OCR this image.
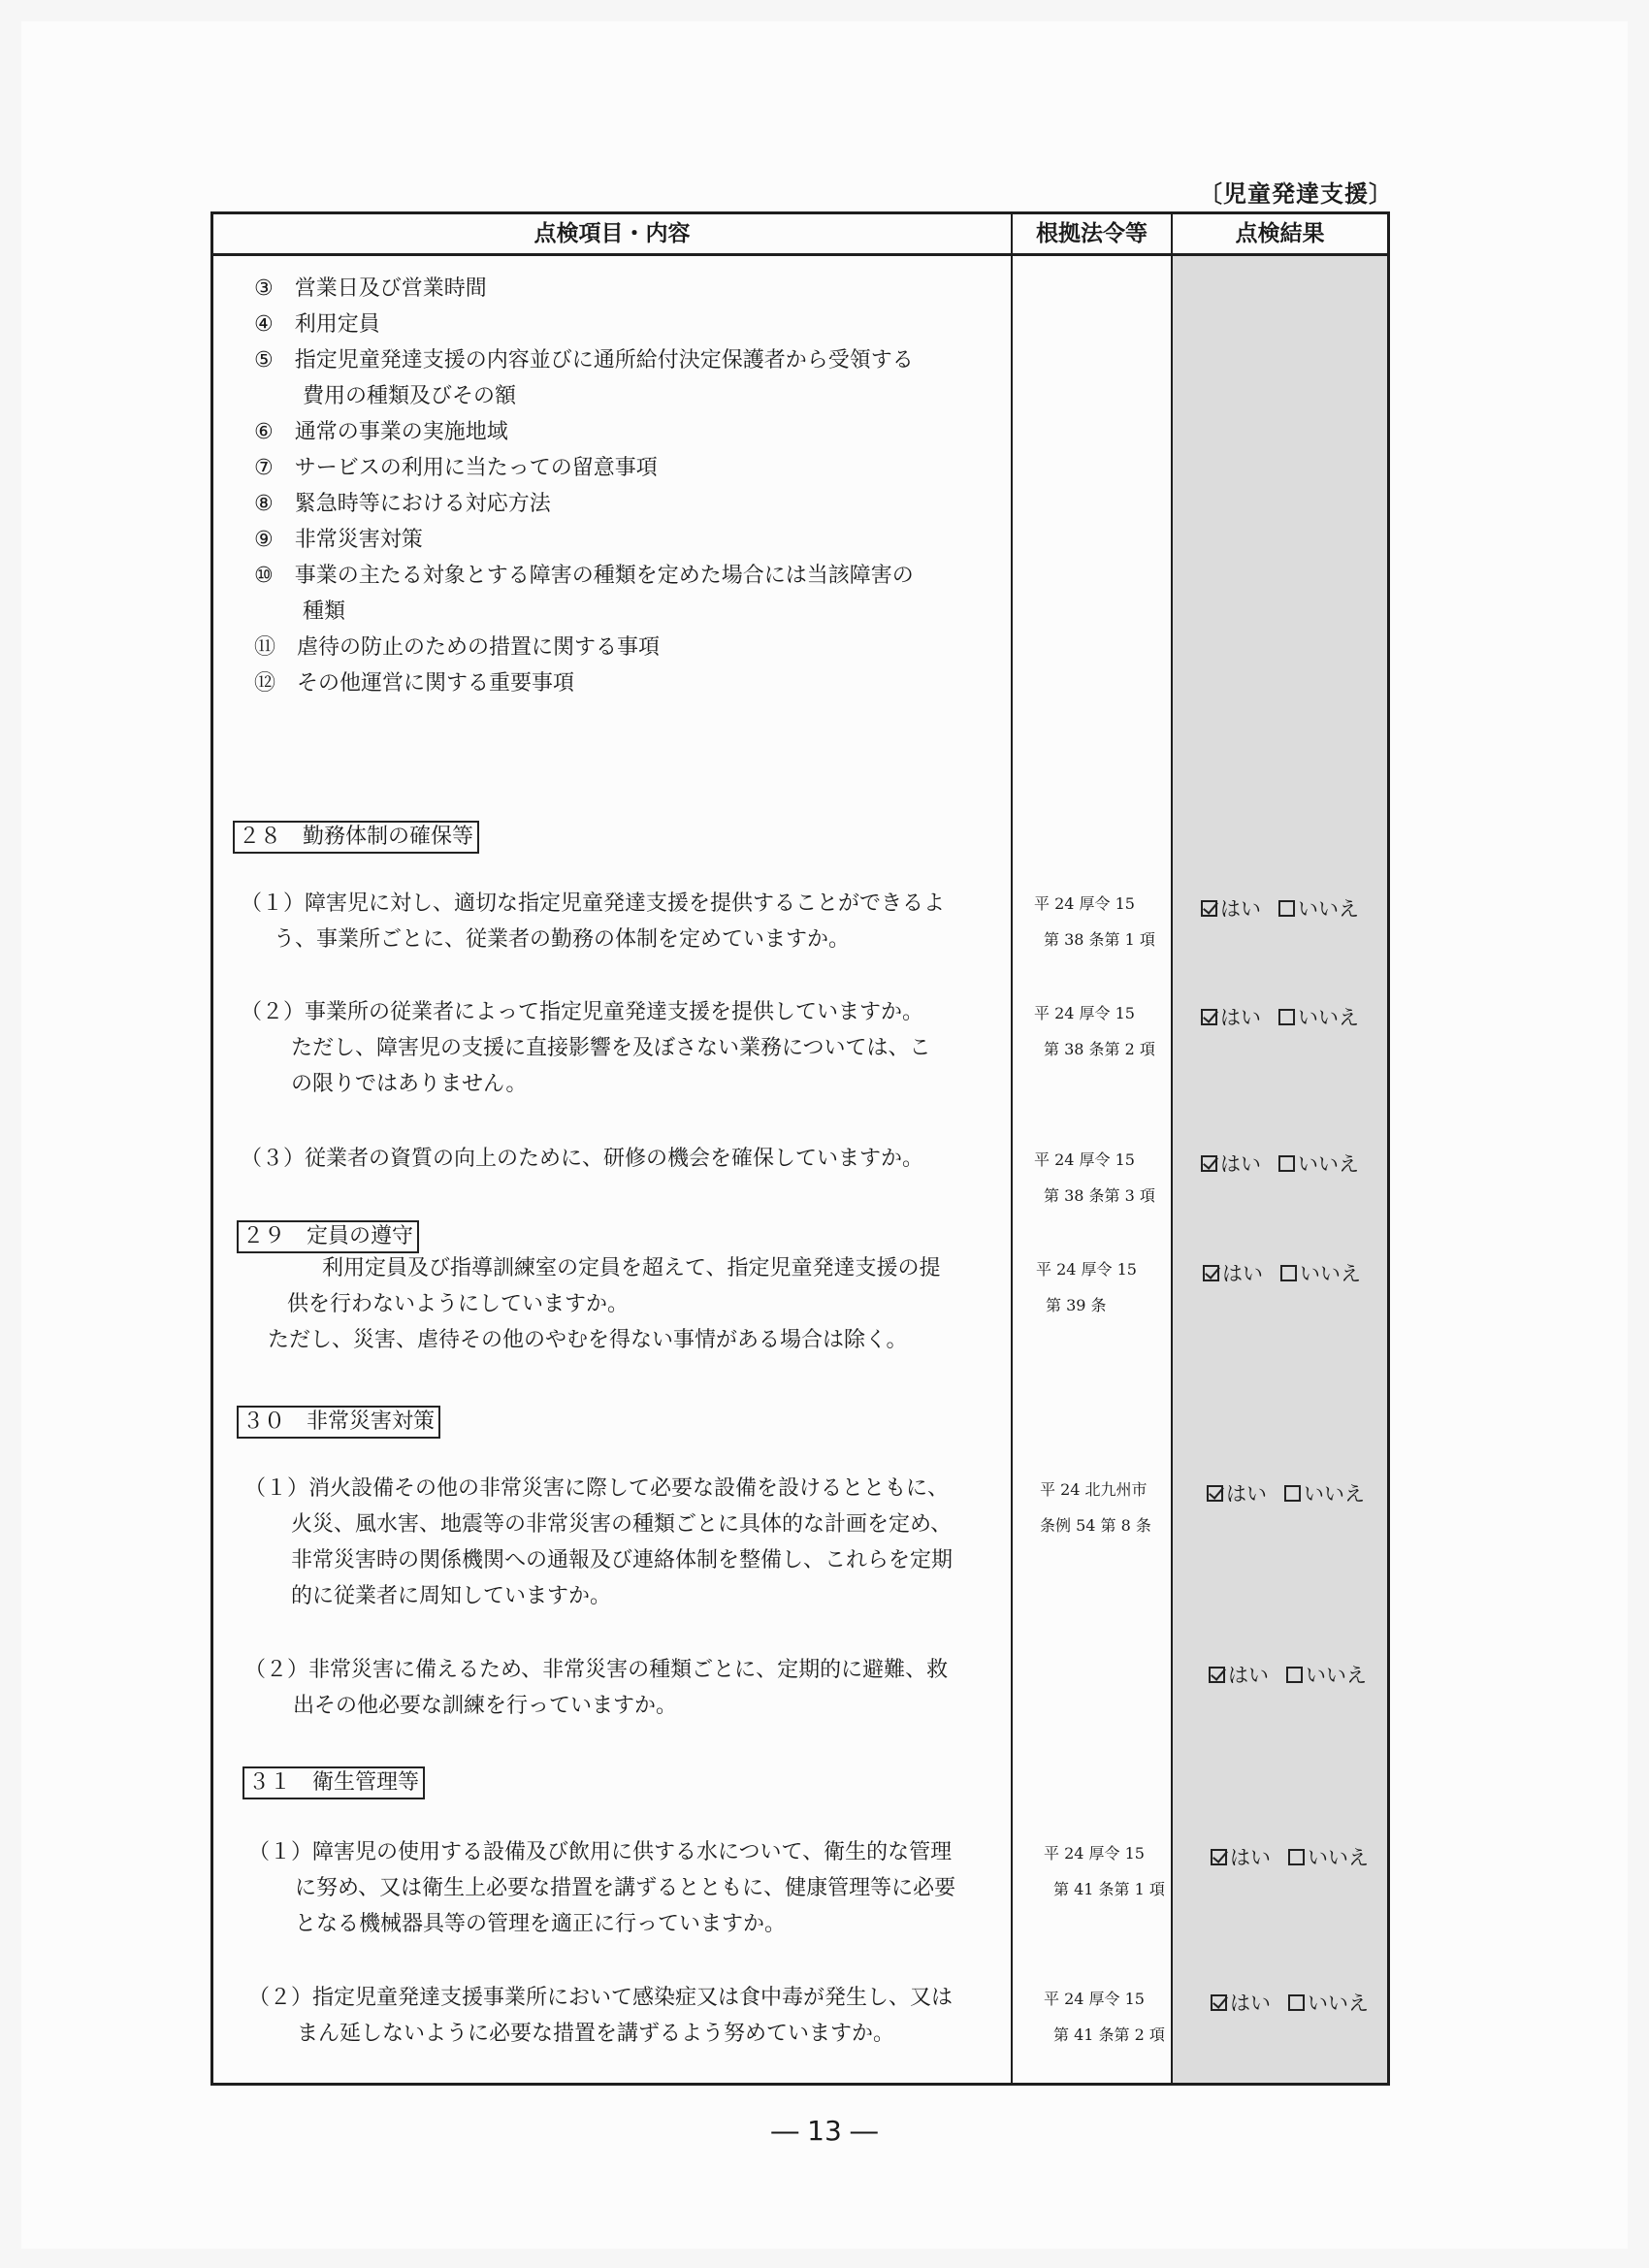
〔児童発達支援〕
点検項目・内容	根拠法令等	点検結果
③　 営業日及び営業時間
④　 利用定員
⑤　 指定児童発達支援の内容並びに通所給付決定保護者から受領する
費用の種類及びその額
⑥　 通常の事業の実施地域
⑦　 サービスの利用に当たっての留意事項
⑧　 緊急時等における対応方法
⑨　 非常災害対策
⑩　 事業の主たる対象とする障害の種類を定めた場合には当該障害の
種類
⑪　 虐待の防止のための措置に関する事項
⑫　 その他運営に関する重要事項
２８　勤務体制の確保等
（１）障害児に対し、適切な指定児童発達支援を提供することができるよ
う、事業所ごとに、従業者の勤務の体制を定めていますか。
平 24 厚令 15
第 38 条第 1 項
はい いいえ
（２）事業所の従業者によって指定児童発達支援を提供していますか。
ただし、障害児の支援に直接影響を及ぼさない業務については、こ
の限りではありません。
平 24 厚令 15
第 38 条第 2 項
はい いいえ
（３）従業者の資質の向上のために、研修の機会を確保していますか。	平 24 厚令 15
第 38 条第 3 項
はい いいえ
２９　定員の遵守
利用定員及び指導訓練室の定員を超えて、指定児童発達支援の提
供を行わないようにしていますか。
ただし、災害、虐待その他のやむを得ない事情がある場合は除く。
平 24 厚令 15
第 39 条
はい いいえ
３０　非常災害対策
（１）消火設備その他の非常災害に際して必要な設備を設けるとともに、
火災、風水害、地震等の非常災害の種類ごとに具体的な計画を定め、
非常災害時の関係機関への通報及び連絡体制を整備し、これらを定期
的に従業者に周知していますか。
平 24 北九州市
条例 54 第 8 条
はい いいえ
（２）非常災害に備えるため、非常災害の種類ごとに、定期的に避難、救
出その他必要な訓練を行っていますか。
はい いいえ
３１　衛生管理等
（１）障害児の使用する設備及び飲用に供する水について、衛生的な管理
に努め、又は衛生上必要な措置を講ずるとともに、健康管理等に必要
となる機械器具等の管理を適正に行っていますか。
平 24 厚令 15
第 41 条第 1 項
はい いいえ
（２）指定児童発達支援事業所において感染症又は食中毒が発生し、又は
まん延しないように必要な措置を講ずるよう努めていますか。
平 24 厚令 15
第 41 条第 2 項
はい いいえ
― 13 ―
